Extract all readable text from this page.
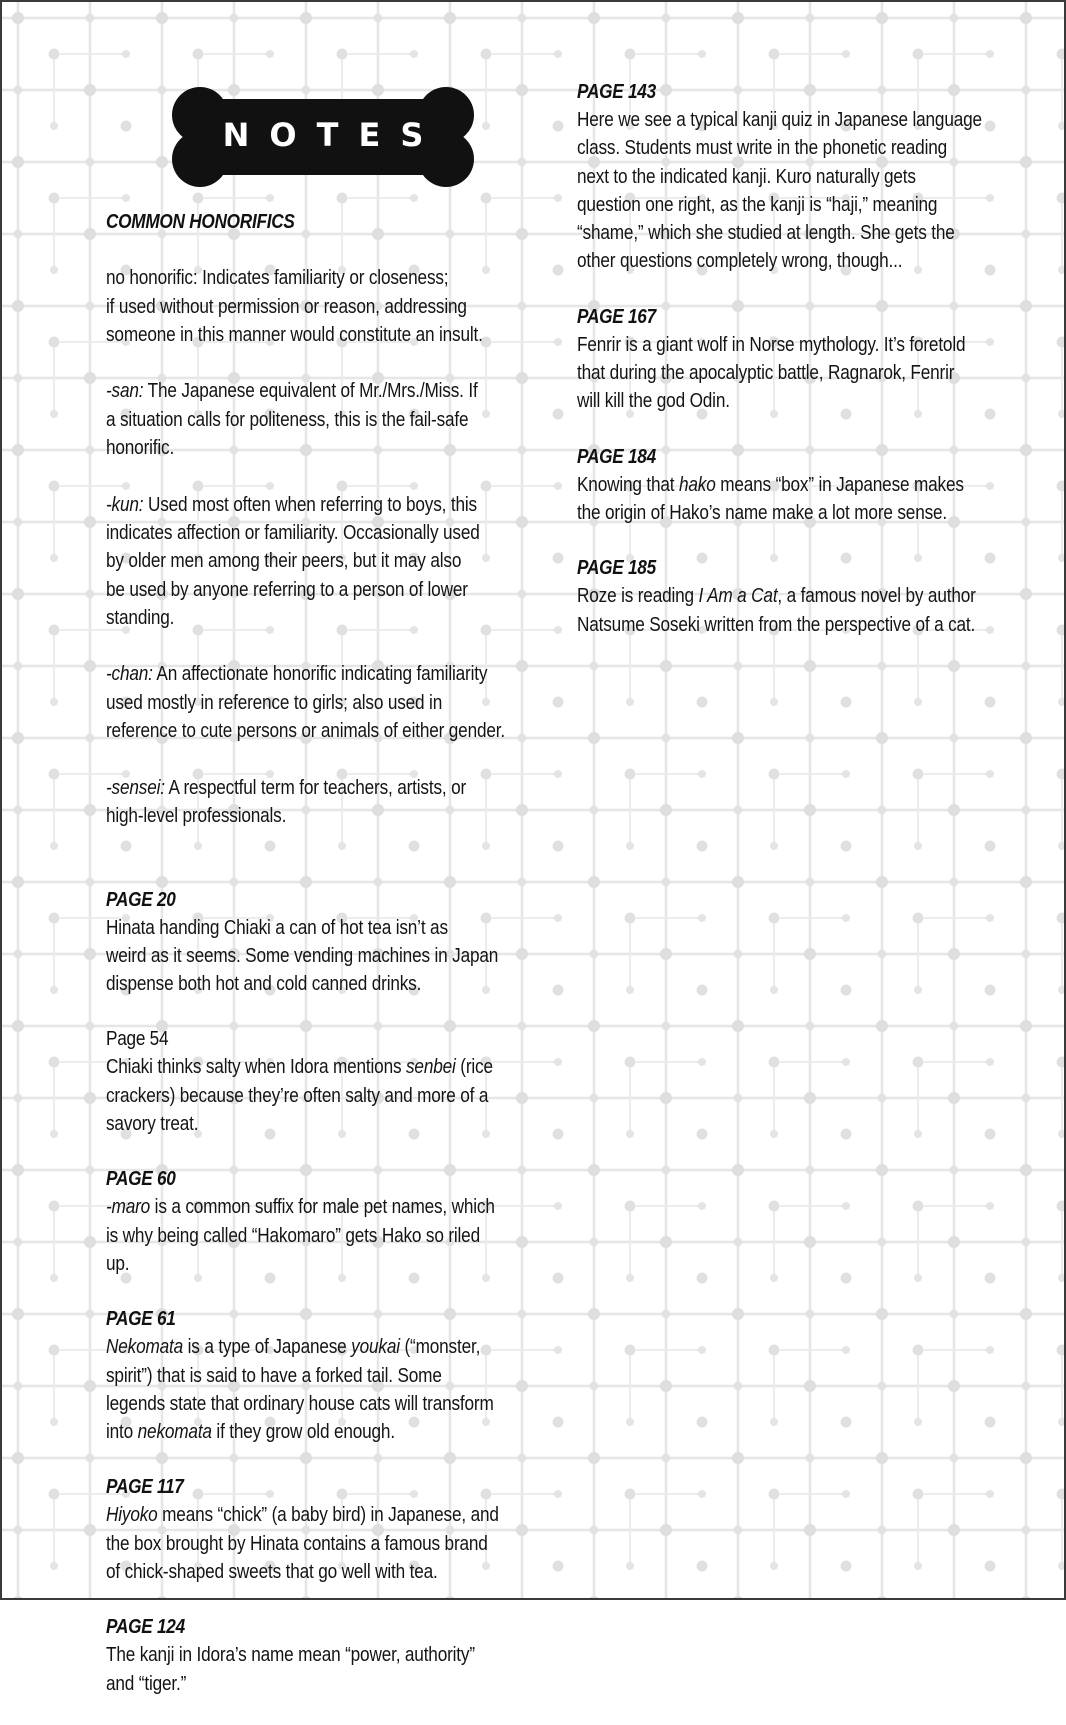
NOTES
COMMON HONORIFICS

no honorific: Indicates familiarity or closeness;
if used without permission or reason, addressing
someone in this manner would constitute an insult.

-san: The Japanese equivalent of Mr./Mrs./Miss. If
a situation calls for politeness, this is the fail-safe
honorific.

-kun: Used most often when referring to boys, this
indicates affection or familiarity. Occasionally used
by older men among their peers, but it may also
be used by anyone referring to a person of lower
standing.

-chan: An affectionate honorific indicating familiarity
used mostly in reference to girls; also used in
reference to cute persons or animals of either gender.

-sensei: A respectful term for teachers, artists, or
high-level professionals.

PAGE 20
Hinata handing Chiaki a can of hot tea isn’t as
weird as it seems. Some vending machines in Japan
dispense both hot and cold canned drinks.
Page 54
Chiaki thinks salty when Idora mentions senbei (rice
crackers) because they’re often salty and more of a
savory treat.
PAGE 60
-maro is a common suffix for male pet names, which
is why being called “Hakomaro” gets Hako so riled
up.
PAGE 61
Nekomata is a type of Japanese youkai (“monster,
spirit”) that is said to have a forked tail. Some
legends state that ordinary house cats will transform
into nekomata if they grow old enough.
PAGE 117
Hiyoko means “chick” (a baby bird) in Japanese, and
the box brought by Hinata contains a famous brand
of chick-shaped sweets that go well with tea.
PAGE 124
The kanji in Idora’s name mean “power, authority”
and “tiger.”
PAGE 143
Here we see a typical kanji quiz in Japanese language
class. Students must write in the phonetic reading
next to the indicated kanji. Kuro naturally gets
question one right, as the kanji is “haji,” meaning
“shame,” which she studied at length. She gets the
other questions completely wrong, though...
PAGE 167
Fenrir is a giant wolf in Norse mythology. It’s foretold
that during the apocalyptic battle, Ragnarok, Fenrir
will kill the god Odin.
PAGE 184
Knowing that hako means “box” in Japanese makes
the origin of Hako’s name make a lot more sense.
PAGE 185
Roze is reading I Am a Cat, a famous novel by author
Natsume Soseki written from the perspective of a cat.
